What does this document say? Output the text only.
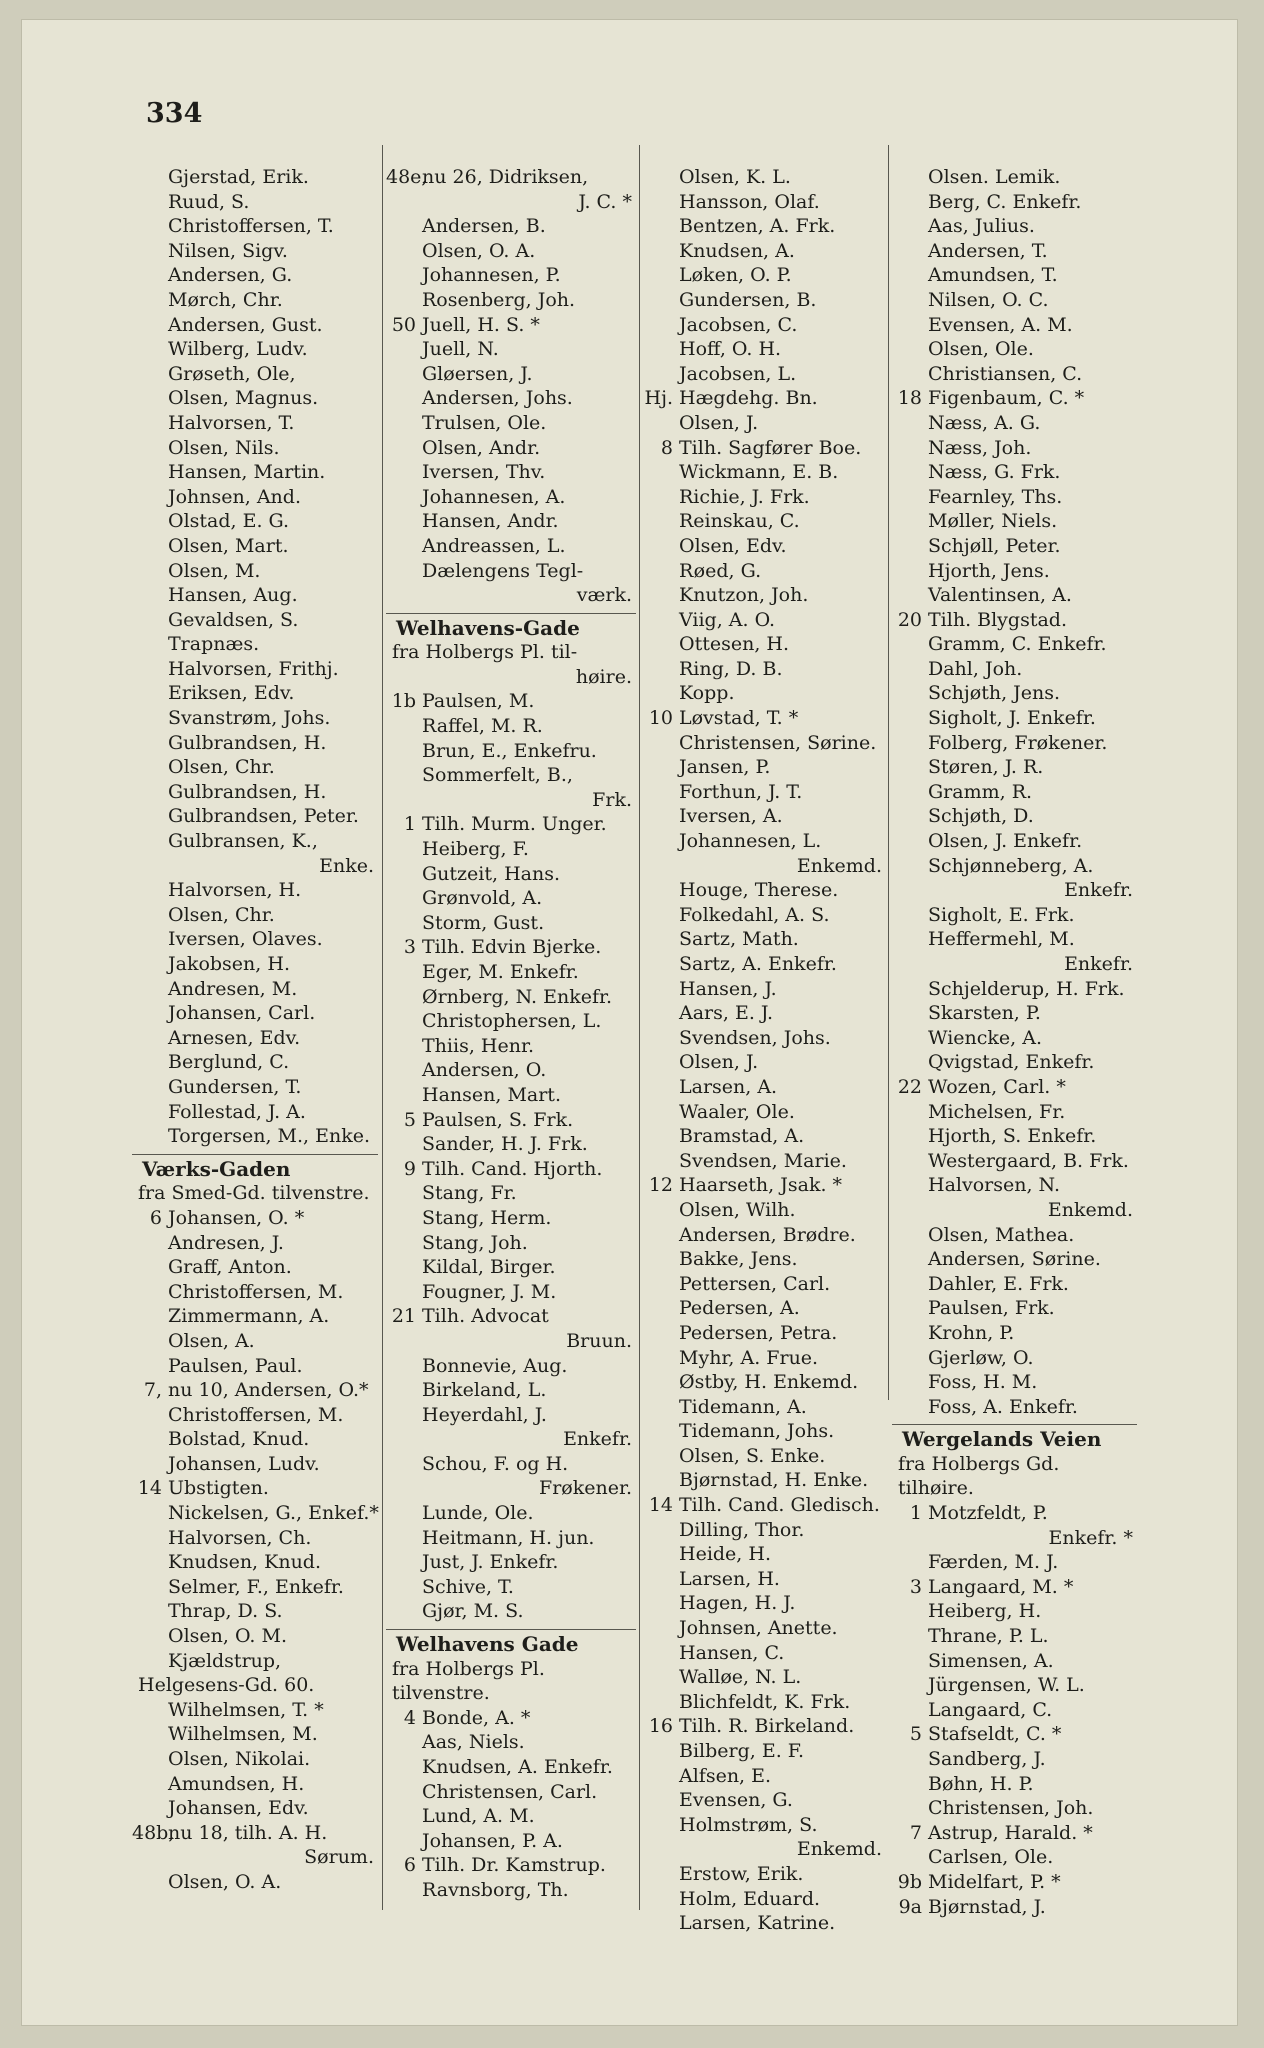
334
Gjerstad, Erik.
Ruud, S.
Christoffersen, T.
Nilsen, Sigv.
Andersen, G.
Mørch, Chr.
Andersen, Gust.
Wilberg, Ludv.
Grøseth, Ole,
Olsen, Magnus.
Halvorsen, T.
Olsen, Nils.
Hansen, Martin.
Johnsen, And.
Olstad, E. G.
Olsen, Mart.
Olsen, M.
Hansen, Aug.
Gevaldsen, S.
Trapnæs.
Halvorsen, Frithj.
Eriksen, Edv.
Svanstrøm, Johs.
Gulbrandsen, H.
Olsen, Chr.
Gulbrandsen, H.
Gulbrandsen, Peter.
Gulbransen, K.,
Enke.
Halvorsen, H.
Olsen, Chr.
Iversen, Olaves.
Jakobsen, H.
Andresen, M.
Johansen, Carl.
Arnesen, Edv.
Berglund, C.
Gundersen, T.
Follestad, J. A.
Torgersen, M., Enke.
Værks-Gaden
fra Smed-Gd. tilvenstre.
6 Johansen, O. *
Andresen, J.
Graff, Anton.
Christoffersen, M.
Zimmermann, A.
Olsen, A.
Paulsen, Paul.
7, nu 10, Andersen, O.*
Christoffersen, M.
Bolstad, Knud.
Johansen, Ludv.
14 Ubstigten.
Nickelsen, G., Enkef.*
Halvorsen, Ch.
Knudsen, Knud.
Selmer, F., Enkefr.
Thrap, D. S.
Olsen, O. M.
Kjældstrup,
Helgesens-Gd. 60.
Wilhelmsen, T. *
Wilhelmsen, M.
Olsen, Nikolai.
Amundsen, H.
Johansen, Edv.
48b,
nu 18, tilh. A. H.
Sørum.
Olsen, O. A.
48e,
nu 26, Didriksen,
J. C. *
Andersen, B.
Olsen, O. A.
Johannesen, P.
Rosenberg, Joh.
50 Juell, H. S. *
Juell, N.
Gløersen, J.
Andersen, Johs.
Trulsen, Ole.
Olsen, Andr.
Iversen, Thv.
Johannesen, A.
Hansen, Andr.
Andreassen, L.
Dælengens Tegl-
værk.
Welhavens-Gade
fra Holbergs Pl. til-
høire.
1b Paulsen, M.
Raffel, M. R.
Brun, E., Enkefru.
Sommerfelt, B.,
Frk.
1 Tilh. Murm. Unger.
Heiberg, F.
Gutzeit, Hans.
Grønvold, A.
Storm, Gust.
3 Tilh. Edvin Bjerke.
Eger, M. Enkefr.
Ørnberg, N. Enkefr.
Christophersen, L.
Thiis, Henr.
Andersen, O.
Hansen, Mart.
5 Paulsen, S. Frk.
Sander, H. J. Frk.
9 Tilh. Cand. Hjorth.
Stang, Fr.
Stang, Herm.
Stang, Joh.
Kildal, Birger.
Fougner, J. M.
21 Tilh. Advocat
Bruun.
Bonnevie, Aug.
Birkeland, L.
Heyerdahl, J.
Enkefr.
Schou, F. og H.
Frøkener.
Lunde, Ole.
Heitmann, H. jun.
Just, J. Enkefr.
Schive, T.
Gjør, M. S.
Welhavens Gade
fra Holbergs Pl.
tilvenstre.
4 Bonde, A. *
Aas, Niels.
Knudsen, A. Enkefr.
Christensen, Carl.
Lund, A. M.
Johansen, P. A.
6 Tilh. Dr. Kamstrup.
Ravnsborg, Th.
Olsen, K. L.
Hansson, Olaf.
Bentzen, A. Frk.
Knudsen, A.
Løken, O. P.
Gundersen, B.
Jacobsen, C.
Hoff, O. H.
Jacobsen, L.
Hj. Hægdehg. Bn.
Olsen, J.
8 Tilh. Sagfører Boe.
Wickmann, E. B.
Richie, J. Frk.
Reinskau, C.
Olsen, Edv.
Røed, G.
Knutzon, Joh.
Viig, A. O.
Ottesen, H.
Ring, D. B.
Kopp.
10 Løvstad, T. *
Christensen, Sørine.
Jansen, P.
Forthun, J. T.
Iversen, A.
Johannesen, L.
Enkemd.
Houge, Therese.
Folkedahl, A. S.
Sartz, Math.
Sartz, A. Enkefr.
Hansen, J.
Aars, E. J.
Svendsen, Johs.
Olsen, J.
Larsen, A.
Waaler, Ole.
Bramstad, A.
Svendsen, Marie.
12 Haarseth, Jsak. *
Olsen, Wilh.
Andersen, Brødre.
Bakke, Jens.
Pettersen, Carl.
Pedersen, A.
Pedersen, Petra.
Myhr, A. Frue.
Østby, H. Enkemd.
Tidemann, A.
Tidemann, Johs.
Olsen, S. Enke.
Bjørnstad, H. Enke.
14 Tilh. Cand. Gledisch.
Dilling, Thor.
Heide, H.
Larsen, H.
Hagen, H. J.
Johnsen, Anette.
Hansen, C.
Walløe, N. L.
Blichfeldt, K. Frk.
16 Tilh. R. Birkeland.
Bilberg, E. F.
Alfsen, E.
Evensen, G.
Holmstrøm, S.
Enkemd.
Erstow, Erik.
Holm, Eduard.
Larsen, Katrine.
Olsen. Lemik.
Berg, C. Enkefr.
Aas, Julius.
Andersen, T.
Amundsen, T.
Nilsen, O. C.
Evensen, A. M.
Olsen, Ole.
Christiansen, C.
18 Figenbaum, C. *
Næss, A. G.
Næss, Joh.
Næss, G. Frk.
Fearnley, Ths.
Møller, Niels.
Schjøll, Peter.
Hjorth, Jens.
Valentinsen, A.
20 Tilh. Blygstad.
Gramm, C. Enkefr.
Dahl, Joh.
Schjøth, Jens.
Sigholt, J. Enkefr.
Folberg, Frøkener.
Støren, J. R.
Gramm, R.
Schjøth, D.
Olsen, J. Enkefr.
Schjønneberg, A.
Enkefr.
Sigholt, E. Frk.
Heffermehl, M.
Enkefr.
Schjelderup, H. Frk.
Skarsten, P.
Wiencke, A.
Qvigstad, Enkefr.
22 Wozen, Carl. *
Michelsen, Fr.
Hjorth, S. Enkefr.
Westergaard, B. Frk.
Halvorsen, N.
Enkemd.
Olsen, Mathea.
Andersen, Sørine.
Dahler, E. Frk.
Paulsen, Frk.
Krohn, P.
Gjerløw, O.
Foss, H. M.
Foss, A. Enkefr.
Wergelands Veien
fra Holbergs Gd.
tilhøire.
1 Motzfeldt, P.
Enkefr. *
Færden, M. J.
3 Langaard, M. *
Heiberg, H.
Thrane, P. L.
Simensen, A.
Jürgensen, W. L.
Langaard, C.
5 Stafseldt, C. *
Sandberg, J.
Bøhn, H. P.
Christensen, Joh.
7 Astrup, Harald. *
Carlsen, Ole.
9b Midelfart, P. *
9a Bjørnstad, J.
